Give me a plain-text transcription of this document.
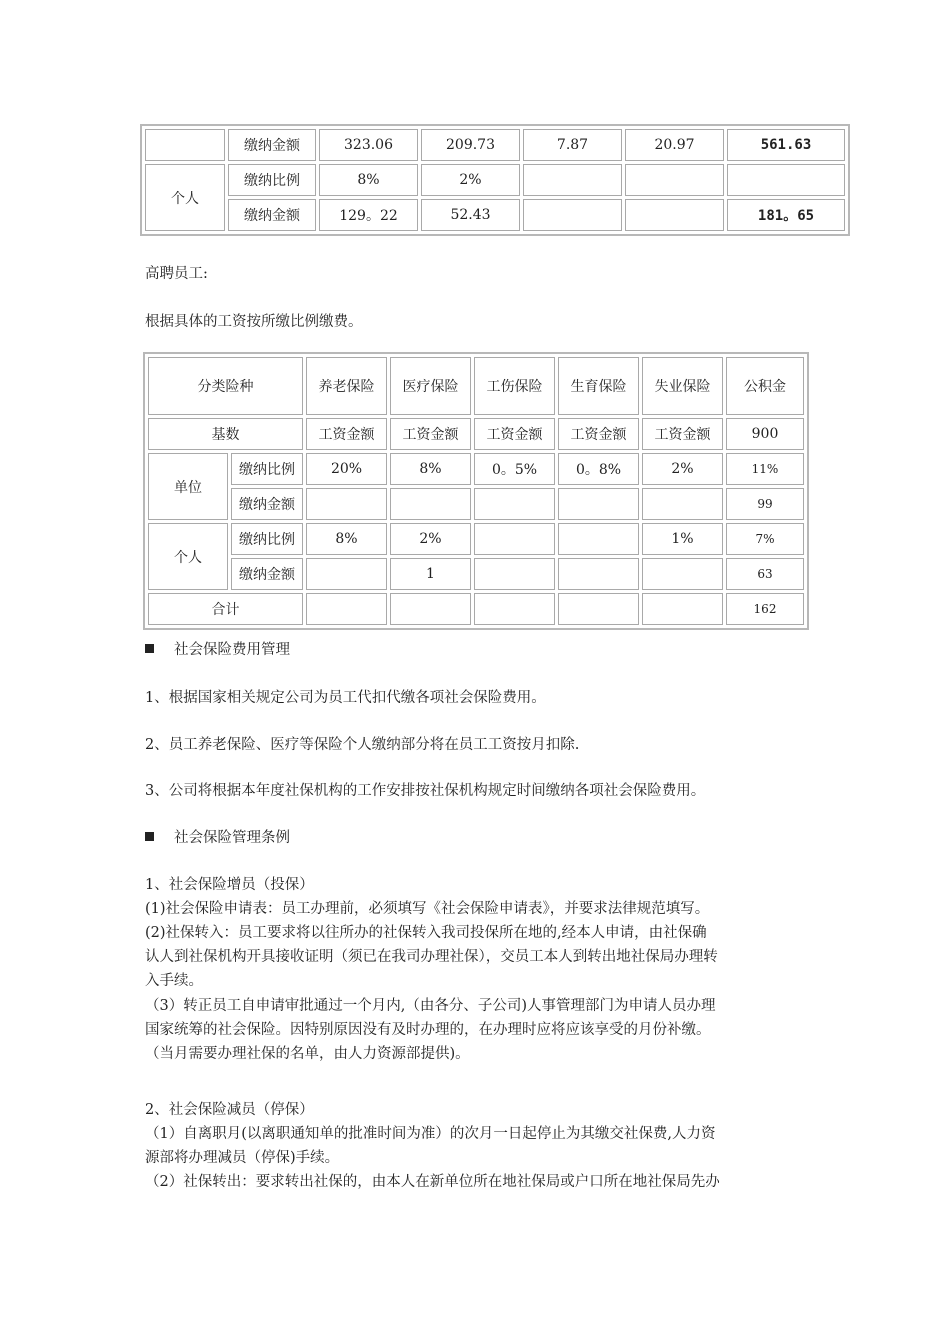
	缴纳金额	323.06	209.73	7.87	20.97	561.63
个人	缴纳比例	8%	2%			
	缴纳金额	129。22	52.43			181。65
高聘员工:
根据具体的工资按所缴比例缴费。
分类险种		养老保险	医疗保险	工伤保险	生育保险	失业保险	公积金
基数		工资金额	工资金额	工资金额	工资金额	工资金额	900
单位	缴纳比例	20%	8%	0。5%	0。8%	2%	11%
	缴纳金额						99
个人	缴纳比例	8%	2%			1%	7%
	缴纳金额		1				63
合计							162
社会保险费用管理
1、根据国家相关规定公司为员工代扣代缴各项社会保险费用。
2、员工养老保险、医疗等保险个人缴纳部分将在员工工资按月扣除.
3、公司将根据本年度社保机构的工作安排按社保机构规定时间缴纳各项社会保险费用。
社会保险管理条例
1、社会保险增员（投保）
(1)社会保险申请表：员工办理前，必须填写《社会保险申请表》，并要求法律规范填写。
(2)社保转入：员工要求将以往所办的社保转入我司投保所在地的,经本人申请，由社保确
认人到社保机构开具接收证明（须已在我司办理社保），交员工本人到转出地社保局办理转
入手续。
（3）转正员工自申请审批通过一个月内,（由各分、子公司)人事管理部门为申请人员办理
国家统筹的社会保险。因特别原因没有及时办理的，在办理时应将应该享受的月份补缴。
（当月需要办理社保的名单，由人力资源部提供)。
2、社会保险减员（停保）
（1）自离职月(以离职通知单的批准时间为准）的次月一日起停止为其缴交社保费,人力资
源部将办理减员（停保)手续。
（2）社保转出：要求转出社保的，由本人在新单位所在地社保局或户口所在地社保局先办
